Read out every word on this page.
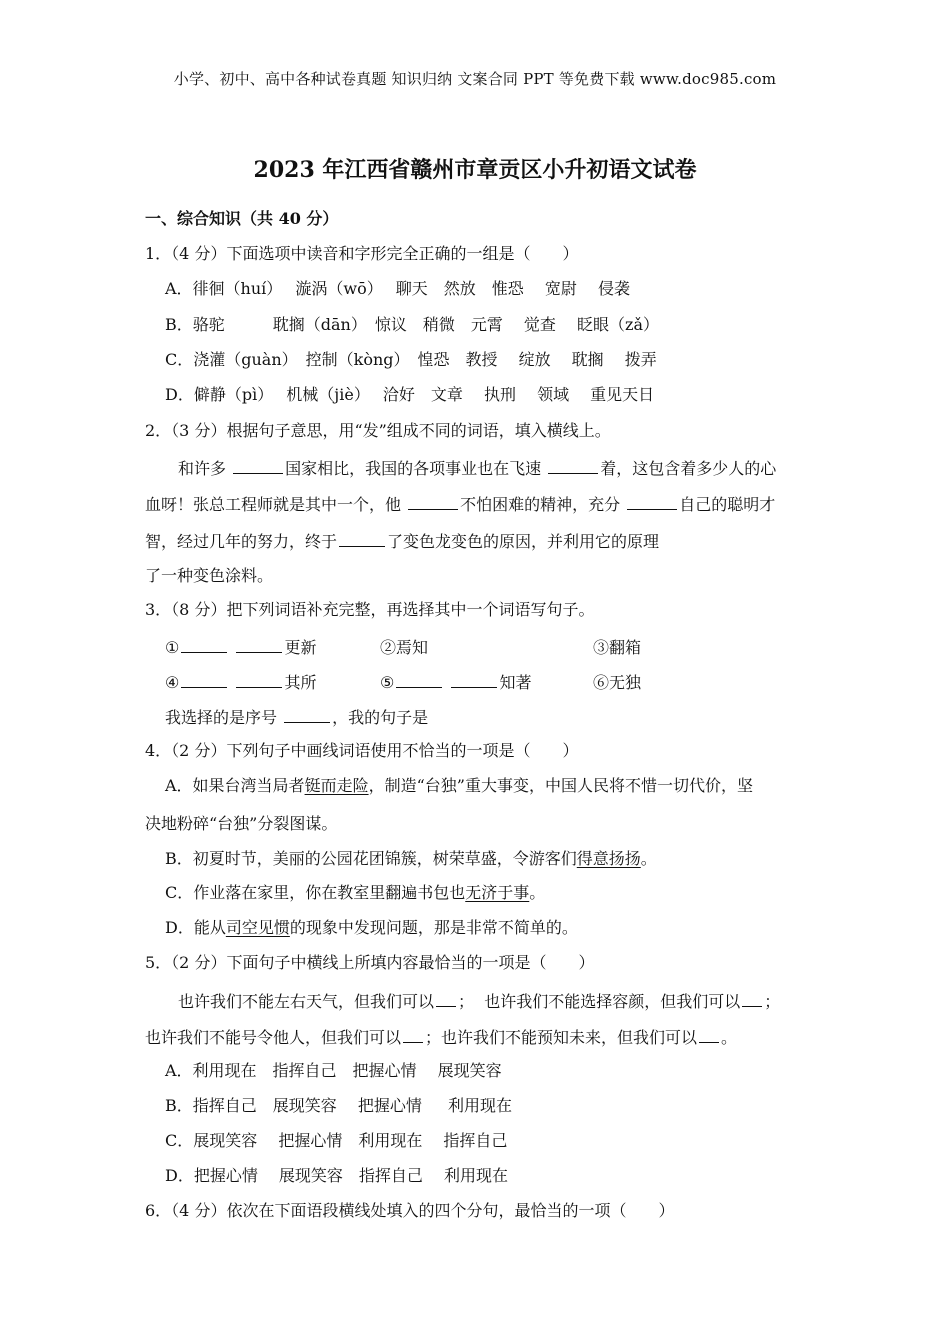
小学、初中、高中各种试卷真题 知识归纳 文案合同 PPT 等免费下载 www.doc985.com
2023 年江西省赣州市章贡区小升初语文试卷
一、综合知识（共 40 分）
1．（4 分）下面选项中读音和字形完全正确的一组是（　　）
A．徘徊（huí）　 漩涡（wō）　 聊天　然放　惟恐　 宽尉　 侵袭
B．骆驼　　　耽搁（dān）　惊议　稍微　元霄　 觉查　 眨眼（zǎ）
C．浇灌（guàn）　控制（kòng）　惶恐　教授　 绽放　 耽搁　 拨弄
D．僻静（pì）　 机械（jiè）　 洽好　文章　 执刑　 领域　 重见天日
2．（3 分）根据句子意思，用“发”组成不同的词语，填入横线上。
和许多	国家相比，我国的各项事业也在飞速	着，这包含着多少人的心
血呀！张总工程师就是其中一个，他	不怕困难的精神，充分	自己的聪明才
智，经过几年的努力，终于	了变色龙变色的原因，并利用它的原理
了一种变色涂料。
3．（8 分）把下列词语补充完整，再选择其中一个词语写句子。
①	更新	②焉知	③翻箱
④	其所	⑤	知著	⑥无独
我选择的是序号	，我的句子是
4．（2 分）下列句子中画线词语使用不恰当的一项是（　　）
A．如果台湾当局者铤而走险，制造“台独”重大事变，中国人民将不惜一切代价，坚
决地粉碎“台独”分裂图谋。
B．初夏时节，美丽的公园花团锦簇，树荣草盛，令游客们得意扬扬。
C．作业落在家里，你在教室里翻遍书包也无济于事。
D．能从司空见惯的现象中发现问题，那是非常不简单的。
5．（2 分）下面句子中横线上所填内容最恰当的一项是（　　）
也许我们不能左右天气，但我们可以 ；  也许我们不能选择容颜，但我们可以 ；
也许我们不能号令他人，但我们可以 ；也许我们不能预知未来，但我们可以 。
A．利用现在　指挥自己　把握心情　 展现笑容
B．指挥自己　展现笑容　 把握心情　  利用现在
C．展现笑容　 把握心情　利用现在　 指挥自己
D．把握心情　 展现笑容　指挥自己　 利用现在
6．（4 分）依次在下面语段横线处填入的四个分句，最恰当的一项（　　）
